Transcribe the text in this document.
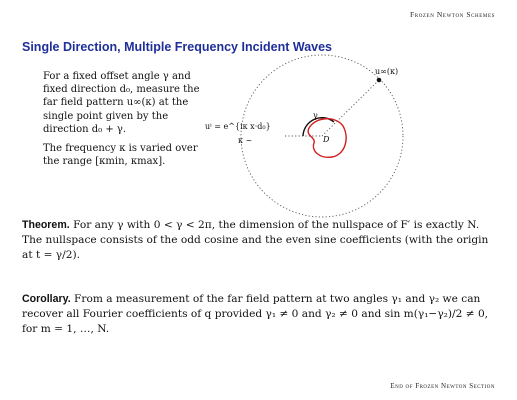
Frozen Newton Schemes
Single Direction, Multiple Frequency Incident Waves

For a fixed offset angle γ and fixed direction d₀, measure the far field pattern u∞(κ) at the single point given by the direction d₀ + γ.

The frequency κ is varied over the range [κmin, κmax].

u∞(κ)
γ
D
uⁱ = e^{iκ x·d₀}
κ ~
Theorem. For any γ with 0 < γ < 2π, the dimension of the nullspace of F′ is exactly N. The nullspace consists of the odd cosine and the even sine coefficients (with the origin at t = γ/2).
Corollary. From a measurement of the far field pattern at two angles γ₁ and γ₂ we can recover all Fourier coefficients of q provided γ₁ ≠ 0 and γ₂ ≠ 0 and sin m(γ₁−γ₂)/2 ≠ 0, for m = 1, …, N.
End of Frozen Newton Section
